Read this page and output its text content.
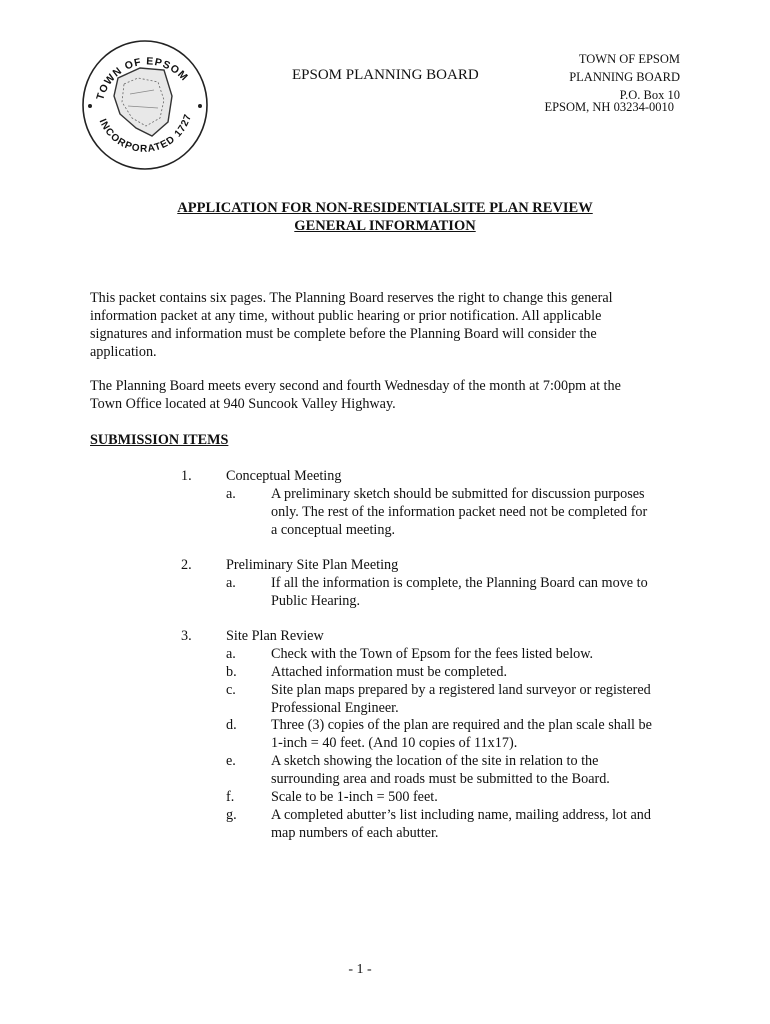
TOWN OF EPSOM
INCORPORATED 1727
EPSOM PLANNING BOARD
TOWN OF EPSOM
PLANNING BOARD
P.O. Box 10
EPSOM, NH 03234-0010
APPLICATION FOR NON-RESIDENTIALSITE PLAN REVIEW
GENERAL INFORMATION
This packet contains six pages. The Planning Board reserves the right to change this general
information packet at any time, without public hearing or prior notification. All applicable
signatures and information must be complete before the Planning Board will consider the
application.
The Planning Board meets every second and fourth Wednesday of the month at 7:00pm at the
Town Office located at 940 Suncook Valley Highway.
SUBMISSION ITEMS
1. Conceptual Meeting
a. A preliminary sketch should be submitted for discussion purposes
only. The rest of the information packet need not be completed for
a conceptual meeting.
2. Preliminary Site Plan Meeting
a. If all the information is complete, the Planning Board can move to
Public Hearing.
3. Site Plan Review
a. Check with the Town of Epsom for the fees listed below.
b. Attached information must be completed.
c. Site plan maps prepared by a registered land surveyor or registered
Professional Engineer.
d. Three (3) copies of the plan are required and the plan scale shall be
1-inch = 40 feet. (And 10 copies of 11x17).
e. A sketch showing the location of the site in relation to the
surrounding area and roads must be submitted to the Board.
f.	Scale to be 1-inch = 500 feet.
g. A completed abutter’s list including name, mailing address, lot and
map numbers of each abutter.
- 1 -
